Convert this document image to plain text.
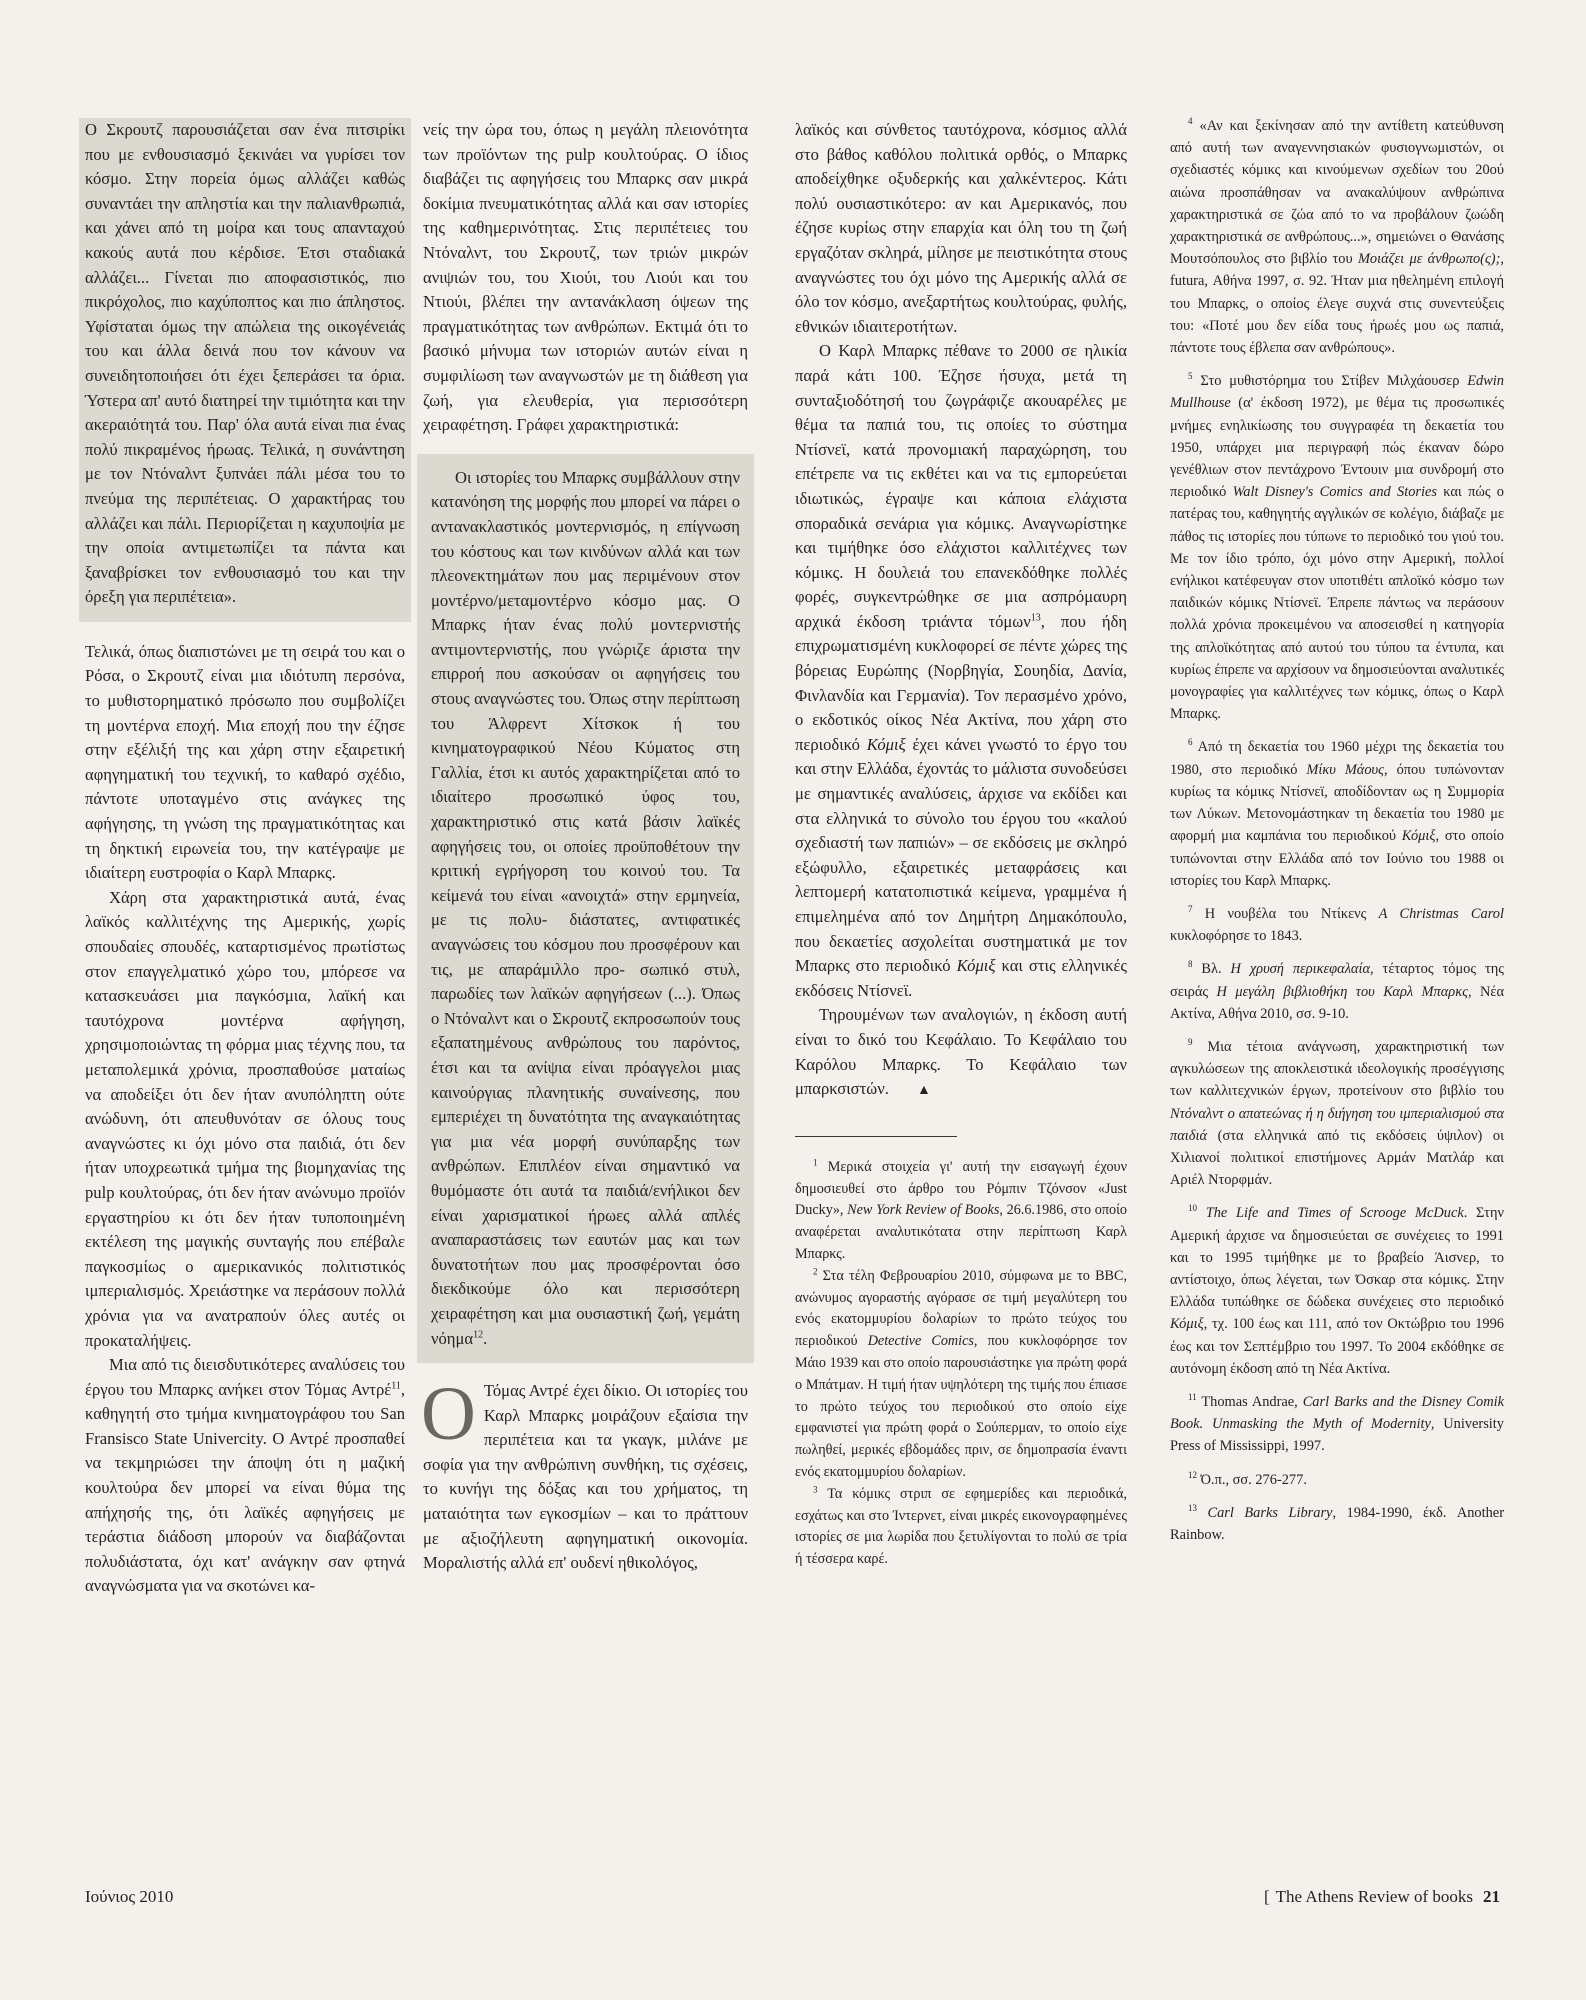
Ο Σκρουτζ παρουσιάζεται σαν ένα πιτσιρίκι που με ενθουσιασμό ξεκινάει να γυρίσει τον κόσμο. Στην πορεία όμως αλλάζει καθώς συναντάει την απληστία και την παλιανθρωπιά, και χάνει από τη μοίρα και τους απανταχού κακούς αυτά που κέρδισε. Έτσι σταδιακά αλλάζει... Γίνεται πιο αποφασιστικός, πιο πικρόχολος, πιο καχύποπτος και πιο άπληστος. Υφίσταται όμως την απώλεια της οικογένειάς του και άλλα δεινά που τον κάνουν να συνειδητοποιήσει ότι έχει ξεπεράσει τα όρια. Ύστερα απ' αυτό διατηρεί την τιμιότητα και την ακεραιότητά του. Παρ' όλα αυτά είναι πια ένας πολύ πικραμένος ήρωας. Τελικά, η συνάντηση με τον Ντόναλντ ξυπνάει πάλι μέσα του το πνεύμα της περιπέτειας. Ο χαρακτήρας του αλλάζει και πάλι. Περιορίζεται η καχυποψία με την οποία αντιμετωπίζει τα πάντα και ξαναβρίσκει τον ενθουσιασμό του και την όρεξη για περιπέτεια».

Τελικά, όπως διαπιστώνει με τη σειρά του και ο Ρόσα, ο Σκρουτζ είναι μια ιδιότυπη περσόνα, το μυθιστορηματικό πρόσωπο που συμβολίζει τη μοντέρνα εποχή. Μια εποχή που την έζησε στην εξέλιξή της και χάρη στην εξαιρετική αφηγηματική του τεχνική, το καθαρό σχέδιο, πάντοτε υποταγμένο στις ανάγκες της αφήγησης, τη γνώση της πραγματικότητας και τη δηκτική ειρωνεία του, την κατέγραψε με ιδιαίτερη ευστροφία ο Καρλ Μπαρκς.

Χάρη στα χαρακτηριστικά αυτά, ένας λαϊκός καλλιτέχνης της Αμερικής, χωρίς σπουδαίες σπουδές, καταρτισμένος πρωτίστως στον επαγγελματικό χώρο του, μπόρεσε να κατασκευάσει μια παγκόσμια, λαϊκή και ταυτόχρονα μοντέρνα αφήγηση, χρησιμοποιώντας τη φόρμα μιας τέχνης που, τα μεταπολεμικά χρόνια, προσπαθούσε ματαίως να αποδείξει ότι δεν ήταν ανυπόληπτη ούτε ανώδυνη, ότι απευθυνόταν σε όλους τους αναγνώστες κι όχι μόνο στα παιδιά, ότι δεν ήταν υποχρεωτικά τμήμα της βιομηχανίας της pulp κουλτούρας, ότι δεν ήταν ανώνυμο προϊόν εργαστηρίου κι ότι δεν ήταν τυποποιημένη εκτέλεση της μαγικής συνταγής που επέβαλε παγκοσμίως ο αμερικανικός πολιτιστικός ιμπεριαλισμός. Χρειάστηκε να περάσουν πολλά χρόνια για να ανατραπούν όλες αυτές οι προκαταλήψεις.

Μια από τις διεισδυτικότερες αναλύσεις του έργου του Μπαρκς ανήκει στον Τόμας Αντρέ$^{11}$, καθηγητή στο τμήμα κινηματογράφου του San Fransisco State Univercity. Ο Αντρέ προσπαθεί να τεκμηριώσει την άποψη ότι η μαζική κουλτούρα δεν μπορεί να είναι θύμα της απήχησής της, ότι λαϊκές αφηγήσεις με τεράστια διάδοση μπορούν να διαβάζονται πολυδιάστατα, όχι κατ' ανάγκην σαν φτηνά αναγνώσματα για να σκοτώνει κα-

νείς την ώρα του, όπως η μεγάλη πλειονότητα των προϊόντων της pulp κουλτούρας. Ο ίδιος διαβάζει τις αφηγήσεις του Μπαρκς σαν μικρά δοκίμια πνευματικότητας αλλά και σαν ιστορίες της καθημερινότητας. Στις περιπέτειες του Ντόναλντ, του Σκρουτζ, των τριών μικρών ανιψιών του, του Χιούι, του Λιούι και του Ντιούι, βλέπει την αντανάκλαση όψεων της πραγματικότητας των ανθρώπων. Εκτιμά ότι το βασικό μήνυμα των ιστοριών αυτών είναι η συμφιλίωση των αναγνωστών με τη διάθεση για ζωή, για ελευθερία, για περισσότερη χειραφέτηση. Γράφει χαρακτηριστικά:

Οι ιστορίες του Μπαρκς συμβάλλουν στην κατανόηση της μορφής που μπορεί να πάρει ο αντανακλαστικός μοντερνισμός, η επίγνωση του κόστους και των κινδύνων αλλά και των πλεονεκτημάτων που μας περιμένουν στον μοντέρνο/μεταμοντέρνο κόσμο μας. Ο Μπαρκς ήταν ένας πολύ μοντερνιστής αντιμοντερνιστής, που γνώριζε άριστα την επιρροή που ασκούσαν οι αφηγήσεις του στους αναγνώστες του. Όπως στην περίπτωση του Άλφρεντ Χίτσκοκ ή του κινηματογραφικού Νέου Κύματος στη Γαλλία, έτσι κι αυτός χαρακτηρίζεται από το ιδιαίτερο προσωπικό ύφος του, χαρακτηριστικό στις κατά βάσιν λαϊκές αφηγήσεις του, οι οποίες προϋποθέτουν την κριτική εγρήγορση του κοινού του. Τα κείμενά του είναι «ανοιχτά» στην ερμηνεία, με τις πολυ- διάστατες, αντιφατικές αναγνώσεις του κόσμου που προσφέρουν και τις, με απαράμιλλο προ- σωπικό στυλ, παρωδίες των λαϊκών αφηγήσεων (...). Όπως ο Ντόναλντ και ο Σκρουτζ εκπροσωπούν τους εξαπατημένους ανθρώπους του παρόντος, έτσι και τα ανίψια είναι πρόαγγελοι μιας καινούργιας πλανητικής συναίνεσης, που εμπεριέχει τη δυνατότητα της αναγκαιότητας για μια νέα μορφή συνύπαρξης των ανθρώπων. Επιπλέον είναι σημαντικό να θυμόμαστε ότι αυτά τα παιδιά/ενήλικοι δεν είναι χαρισματικοί ήρωες αλλά απλές αναπαραστάσεις των εαυτών μας και των δυνατοτήτων που μας προσφέρονται όσο διεκδικούμε όλο και περισσότερη χειραφέτηση και μια ουσιαστική ζωή, γεμάτη νόημα$^{12}$.

Ο Τόμας Αντρέ έχει δίκιο. Οι ιστορίες του Καρλ Μπαρκς μοιράζουν εξαίσια την περιπέτεια και τα γκαγκ, μιλάνε με σοφία για την ανθρώπινη συνθήκη, τις σχέσεις, το κυνήγι της δόξας και του χρήματος, τη ματαιότητα των εγκοσμίων – και το πράττουν με αξιοζήλευτη αφηγηματική οικονομία. Μοραλιστής αλλά επ' ουδενί ηθικολόγος,

λαϊκός και σύνθετος ταυτόχρονα, κόσμιος αλλά στο βάθος καθόλου πολιτικά ορθός, ο Μπαρκς αποδείχθηκε οξυδερκής και χαλκέντερος. Κάτι πολύ ουσιαστικότερο: αν και Αμερικανός, που έζησε κυρίως στην επαρχία και όλη του τη ζωή εργαζόταν σκληρά, μίλησε με πειστικότητα στους αναγνώστες του όχι μόνο της Αμερικής αλλά σε όλο τον κόσμο, ανεξαρτήτως κουλτούρας, φυλής, εθνικών ιδιαιτεροτήτων.

Ο Καρλ Μπαρκς πέθανε το 2000 σε ηλικία παρά κάτι 100. Έζησε ήσυχα, μετά τη συνταξιοδότησή του ζωγράφιζε ακουαρέλες με θέμα τα παπιά του, τις οποίες το σύστημα Ντίσνεϊ, κατά προνομιακή παραχώρηση, του επέτρεπε να τις εκθέτει και να τις εμπορεύεται ιδιωτικώς, έγραψε και κάποια ελάχιστα σποραδικά σενάρια για κόμικς. Αναγνωρίστηκε και τιμήθηκε όσο ελάχιστοι καλλιτέχνες των κόμικς. Η δουλειά του επανεκδόθηκε πολλές φορές, συγκεντρώθηκε σε μια ασπρόμαυρη αρχικά έκδοση τριάντα τόμων$^{13}$, που ήδη επιχρωματισμένη κυκλοφορεί σε πέντε χώρες της βόρειας Ευρώπης (Νορβηγία, Σουηδία, Δανία, Φινλανδία και Γερμανία). Τον περασμένο χρόνο, ο εκδοτικός οίκος Νέα Ακτίνα, που χάρη στο περιοδικό Κόμιξ έχει κάνει γνωστό το έργο του και στην Ελλάδα, έχοντάς το μάλιστα συνοδεύσει με σημαντικές αναλύσεις, άρχισε να εκδίδει και στα ελληνικά το σύνολο του έργου του «καλού σχεδιαστή των παπιών» – σε εκδόσεις με σκληρό εξώφυλλο, εξαιρετικές μεταφράσεις και λεπτομερή κατατοπιστικά κείμενα, γραμμένα ή επιμελημένα από τον Δημήτρη Δημακόπουλο, που δεκαετίες ασχολείται συστηματικά με τον Μπαρκς στο περιοδικό Κόμιξ και στις ελληνικές εκδόσεις Ντίσνεϊ.

Τηρουμένων των αναλογιών, η έκδοση αυτή είναι το δικό του Κεφάλαιο. Το Κεφάλαιο του Καρόλου Μπαρκς. Το Κεφάλαιο των μπαρκσιστών. ▲

$^1$ Μερικά στοιχεία γι' αυτή την εισαγωγή έχουν δημοσιευθεί στο άρθρο του Ρόμπιν Τζόνσον «Just Ducky», New York Review of Books, 26.6.1986, στο οποίο αναφέρεται αναλυτικότατα στην περίπτωση Καρλ Μπαρκς.

$^2$ Στα τέλη Φεβρουαρίου 2010, σύμφωνα με το BBC, ανώνυμος αγοραστής αγόρασε σε τιμή μεγαλύτερη του ενός εκατομμυρίου δολαρίων το πρώτο τεύχος του περιοδικού Detective Comics, που κυκλοφόρησε τον Μάιο 1939 και στο οποίο παρουσιάστηκε για πρώτη φορά ο Μπάτμαν. Η τιμή ήταν υψηλότερη της τιμής που έπιασε το πρώτο τεύχος του περιοδικού στο οποίο είχε εμφανιστεί για πρώτη φορά ο Σούπερμαν, το οποίο είχε πωληθεί, μερικές εβδομάδες πριν, σε δημοπρασία έναντι ενός εκατομμυρίου δολαρίων.

$^3$ Τα κόμικς στριπ σε εφημερίδες και περιοδικά, εσχάτως και στο Ίντερνετ, είναι μικρές εικονογραφημένες ιστορίες σε μια λωρίδα που ξετυλίγονται το πολύ σε τρία ή τέσσερα καρέ.

$^4$ «Αν και ξεκίνησαν από την αντίθετη κατεύθυνση από αυτή των αναγεννησιακών φυσιογνωμιστών, οι σχεδιαστές κόμικς και κινούμενων σχεδίων του 20ού αιώνα προσπάθησαν να ανακαλύψουν ανθρώπινα χαρακτηριστικά σε ζώα από το να προβάλουν ζωώδη χαρακτηριστικά σε ανθρώπους...», σημειώνει ο Θανάσης Μουτσόπουλος στο βιβλίο του Μοιάζει με άνθρωπο(ς);, futura, Αθήνα 1997, σ. 92. Ήταν μια ηθελημένη επιλογή του Μπαρκς, ο οποίος έλεγε συχνά στις συνεντεύξεις του: «Ποτέ μου δεν είδα τους ήρωές μου ως παπιά, πάντοτε τους έβλεπα σαν ανθρώπους».

$^5$ Στο μυθιστόρημα του Στίβεν Μιλχάουσερ Edwin Mullhouse (α' έκδοση 1972), με θέμα τις προσωπικές μνήμες ενηλικίωσης του συγγραφέα τη δεκαετία του 1950, υπάρχει μια περιγραφή πώς έκαναν δώρο γενέθλιων στον πεντάχρονο Έντουιν μια συνδρομή στο περιοδικό Walt Disney's Comics and Stories και πώς ο πατέρας του, καθηγητής αγγλικών σε κολέγιο, διάβαζε με πάθος τις ιστορίες που τύπωνε το περιοδικό του γιού του. Με τον ίδιο τρόπο, όχι μόνο στην Αμερική, πολλοί ενήλικοι κατέφευγαν στον υποτιθέτι απλοϊκό κόσμο των παιδικών κόμικς Ντίσνεϊ. Έπρεπε πάντως να περάσουν πολλά χρόνια προκειμένου να αποσεισθεί η κατηγορία της απλοϊκότητας από αυτού του τύπου τα έντυπα, και κυρίως έπρεπε να αρχίσουν να δημοσιεύονται αναλυτικές μονογραφίες για καλλιτέχνες των κόμικς, όπως ο Καρλ Μπαρκς.

$^6$ Από τη δεκαετία του 1960 μέχρι της δεκαετία του 1980, στο περιοδικό Μίκυ Μάους, όπου τυπώνονταν κυρίως τα κόμικς Ντίσνεϊ, αποδίδονταν ως η Συμμορία των Λύκων. Μετονομάστηκαν τη δεκαετία του 1980 με αφορμή μια καμπάνια του περιοδικού Κόμιξ, στο οποίο τυπώνονται στην Ελλάδα από τον Ιούνιο του 1988 οι ιστορίες του Καρλ Μπαρκς.

$^7$ Η νουβέλα του Ντίκενς A Christmas Carol κυκλοφόρησε το 1843.

$^8$ Βλ. Η χρυσή περικεφαλαία, τέταρτος τόμος της σειράς Η μεγάλη βιβλιοθήκη του Καρλ Μπαρκς, Νέα Ακτίνα, Αθήνα 2010, σσ. 9-10.

$^9$ Μια τέτοια ανάγνωση, χαρακτηριστική των αγκυλώσεων της αποκλειστικά ιδεολογικής προσέγγισης των καλλιτεχνικών έργων, προτείνουν στο βιβλίο του Ντόναλντ ο απατεώνας ή η διήγηση του ιμπεριαλισμού στα παιδιά (στα ελληνικά από τις εκδόσεις ύψιλον) οι Χιλιανοί πολιτικοί επιστήμονες Αρμάν Ματλάρ και Αριέλ Ντορφμάν.

$^{10}$ The Life and Times of Scrooge McDuck. Στην Αμερική άρχισε να δημοσιεύεται σε συνέχειες το 1991 και το 1995 τιμήθηκε με το βραβείο Άισνερ, το αντίστοιχο, όπως λέγεται, των Όσκαρ στα κόμικς. Στην Ελλάδα τυπώθηκε σε δώδεκα συνέχειες στο περιοδικό Κόμιξ, τχ. 100 έως και 111, από τον Οκτώβριο του 1996 έως και τον Σεπτέμβριο του 1997. Το 2004 εκδόθηκε σε αυτόνομη έκδοση από τη Νέα Ακτίνα.

$^{11}$ Thomas Andrae, Carl Barks and the Disney Comik Book. Unmasking the Myth of Modernity, University Press of Mississippi, 1997.

$^{12}$ Ό.π., σσ. 276-277.

$^{13}$ Carl Barks Library, 1984-1990, έκδ. Another Rainbow.

Ιούνιος 2010	[ The Athens Review of books 21
